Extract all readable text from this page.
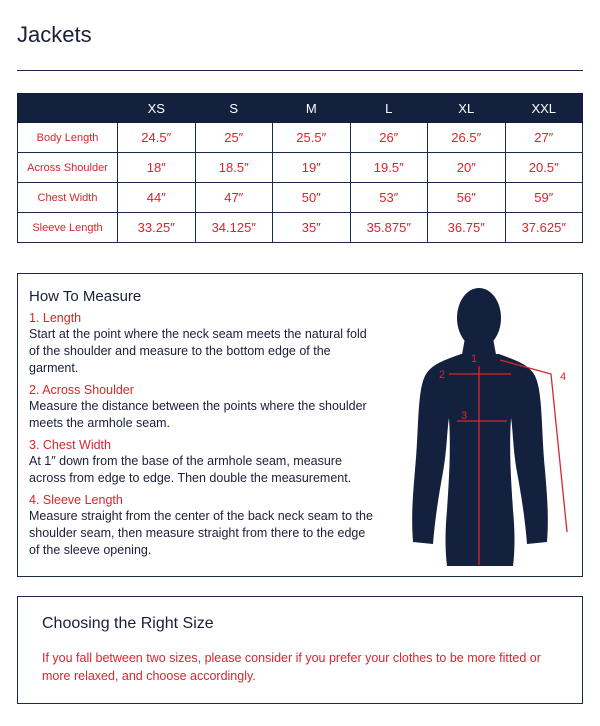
Jackets
	XS	S	M	L	XL	XXL
Body Length	24.5″	25″	25.5″	26″	26.5″	27″
Across Shoulder	18″	18.5″	19″	19.5″	20″	20.5″
Chest Width	44″	47″	50″	53″	56″	59″
Sleeve Length	33.25″	34.125″	35″	35.875″	36.75″	37.625″
How To Measure

1. Length

Start at the point where the neck seam meets the natural fold of the shoulder and measure to the bottom edge of the garment.

2. Across Shoulder

Measure the distance between the points where the shoulder meets the armhole seam.

3. Chest Width

At 1″ down from the base of the armhole seam, measure across from edge to edge. Then double the measurement.

4. Sleeve Length

Measure straight from the center of the back neck seam to the shoulder seam, then measure straight from there to the edge of the sleeve opening.

1
2
3
4
Choosing the Right Size

If you fall between two sizes, please consider if you prefer your clothes to be more fitted or more relaxed, and choose accordingly.
